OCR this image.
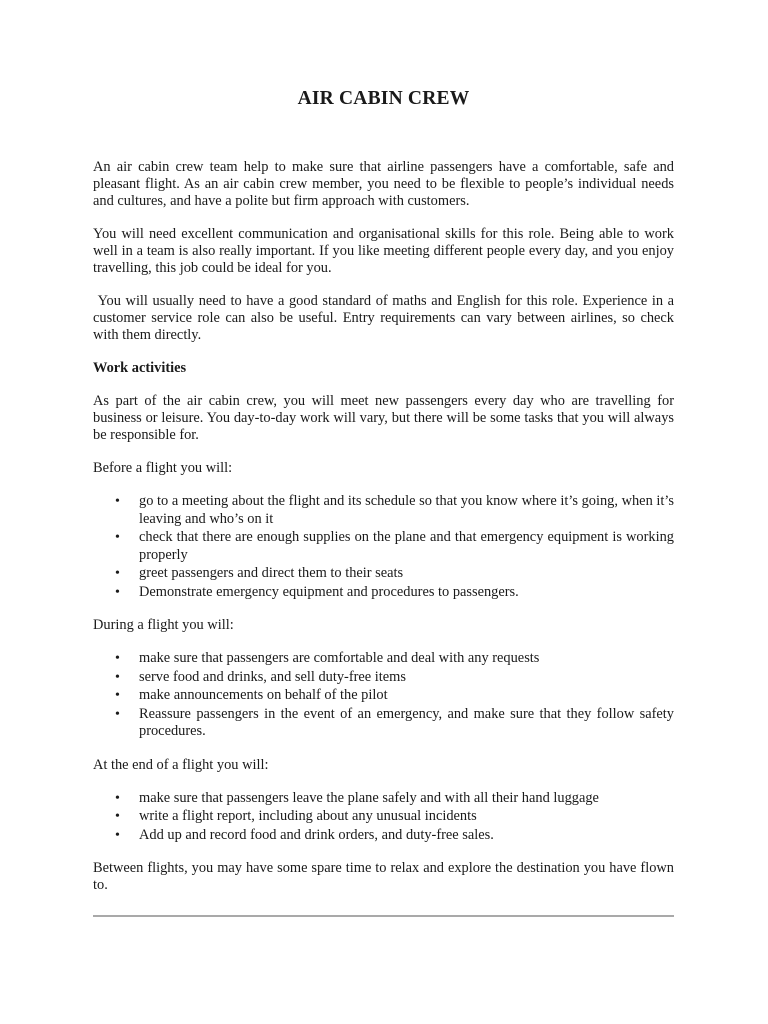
AIR CABIN CREW

An air cabin crew team help to make sure that airline passengers have a comfortable, safe and pleasant flight. As an air cabin crew member, you need to be flexible to people’s individual needs and cultures, and have a polite but firm approach with customers.

You will need excellent communication and organisational skills for this role. Being able to work well in a team is also really important. If you like meeting different people every day, and you enjoy travelling, this job could be ideal for you.

You will usually need to have a good standard of maths and English for this role. Experience in a customer service role can also be useful. Entry requirements can vary between airlines, so check with them directly.

Work activities

As part of the air cabin crew, you will meet new passengers every day who are travelling for business or leisure. You day-to-day work will vary, but there will be some tasks that you will always be responsible for.

Before a flight you will:

• go to a meeting about the flight and its schedule so that you know where it’s going, when it’s leaving and who’s on it
• check that there are enough supplies on the plane and that emergency equipment is working properly
• greet passengers and direct them to their seats
• Demonstrate emergency equipment and procedures to passengers.

During a flight you will:

• make sure that passengers are comfortable and deal with any requests
• serve food and drinks, and sell duty-free items
• make announcements on behalf of the pilot
• Reassure passengers in the event of an emergency, and make sure that they follow safety procedures.

At the end of a flight you will:

• make sure that passengers leave the plane safely and with all their hand luggage
• write a flight report, including about any unusual incidents
• Add up and record food and drink orders, and duty-free sales.

Between flights, you may have some spare time to relax and explore the destination you have flown to.
